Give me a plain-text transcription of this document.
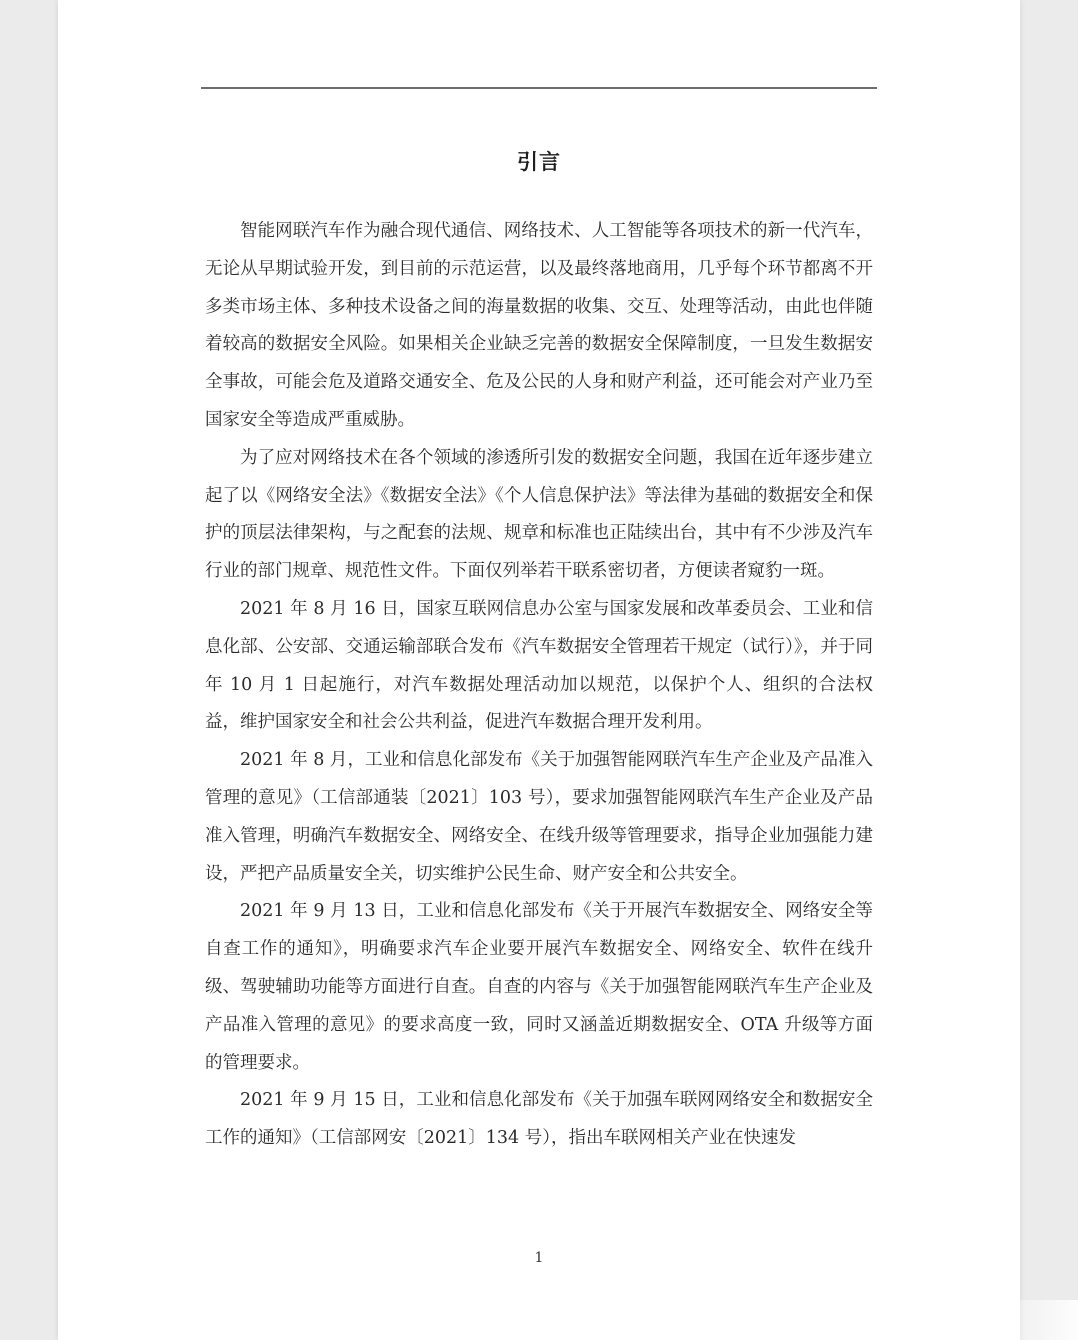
引言

智能网联汽车作为融合现代通信、网络技术、人工智能等各项技术的新一代汽车，无论从早期试验开发，到目前的示范运营，以及最终落地商用，几乎每个环节都离不开多类市场主体、多种技术设备之间的海量数据的收集、交互、处理等活动，由此也伴随着较高的数据安全风险。如果相关企业缺乏完善的数据安全保障制度，一旦发生数据安全事故，可能会危及道路交通安全、危及公民的人身和财产利益，还可能会对产业乃至国家安全等造成严重威胁。

为了应对网络技术在各个领域的渗透所引发的数据安全问题，我国在近年逐步建立起了以《网络安全法》《数据安全法》《个人信息保护法》等法律为基础的数据安全和保护的顶层法律架构，与之配套的法规、规章和标准也正陆续出台，其中有不少涉及汽车行业的部门规章、规范性文件。下面仅列举若干联系密切者，方便读者窥豹一斑。

2021 年 8 月 16 日，国家互联网信息办公室与国家发展和改革委员会、工业和信息化部、公安部、交通运输部联合发布《汽车数据安全管理若干规定（试行）》，并于同年 10 月 1 日起施行，对汽车数据处理活动加以规范，以保护个人、组织的合法权益，维护国家安全和社会公共利益，促进汽车数据合理开发利用。

2021 年 8 月，工业和信息化部发布《关于加强智能网联汽车生产企业及产品准入管理的意见》（工信部通装〔2021〕103 号），要求加强智能网联汽车生产企业及产品准入管理，明确汽车数据安全、网络安全、在线升级等管理要求，指导企业加强能力建设，严把产品质量安全关，切实维护公民生命、财产安全和公共安全。

2021 年 9 月 13 日，工业和信息化部发布《关于开展汽车数据安全、网络安全等自查工作的通知》，明确要求汽车企业要开展汽车数据安全、网络安全、软件在线升级、驾驶辅助功能等方面进行自查。自查的内容与《关于加强智能网联汽车生产企业及产品准入管理的意见》的要求高度一致，同时又涵盖近期数据安全、OTA 升级等方面的管理要求。

2021 年 9 月 15 日，工业和信息化部发布《关于加强车联网网络安全和数据安全工作的通知》（工信部网安〔2021〕134 号），指出车联网相关产业在快速发

1
